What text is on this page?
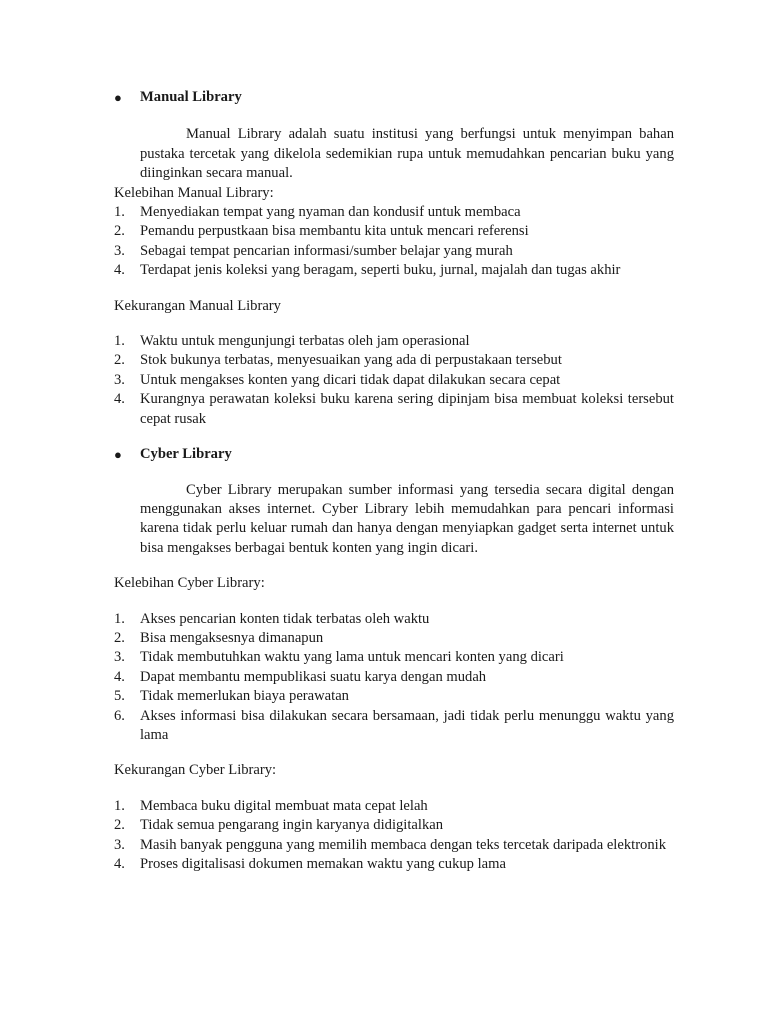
● Manual Library

Manual Library adalah suatu institusi yang berfungsi untuk menyimpan bahan pustaka tercetak yang dikelola sedemikian rupa untuk memudahkan pencarian buku yang diinginkan secara manual.

Kelebihan Manual Library:

1. Menyediakan tempat yang nyaman dan kondusif untuk membaca
2. Pemandu perpustkaan bisa membantu kita untuk mencari referensi
3. Sebagai tempat pencarian informasi/sumber belajar yang murah
4. Terdapat jenis koleksi yang beragam, seperti buku, jurnal, majalah dan tugas akhir

Kekurangan Manual Library

1. Waktu untuk mengunjungi terbatas oleh jam operasional
2. Stok bukunya terbatas, menyesuaikan yang ada di perpustakaan tersebut
3. Untuk mengakses konten yang dicari tidak dapat dilakukan secara cepat
4. Kurangnya perawatan koleksi buku karena sering dipinjam bisa membuat koleksi tersebut cepat rusak

● Cyber Library

Cyber Library merupakan sumber informasi yang tersedia secara digital dengan menggunakan akses internet. Cyber Library lebih memudahkan para pencari informasi karena tidak perlu keluar rumah dan hanya dengan menyiapkan gadget serta internet untuk bisa mengakses berbagai bentuk konten yang ingin dicari.

Kelebihan Cyber Library:

1. Akses pencarian konten tidak terbatas oleh waktu
2. Bisa mengaksesnya dimanapun
3. Tidak membutuhkan waktu yang lama untuk mencari konten yang dicari
4. Dapat membantu mempublikasi suatu karya dengan mudah
5. Tidak memerlukan biaya perawatan
6. Akses informasi bisa dilakukan secara bersamaan, jadi tidak perlu menunggu waktu yang lama

Kekurangan Cyber Library:

1. Membaca buku digital membuat mata cepat lelah
2. Tidak semua pengarang ingin karyanya didigitalkan
3. Masih banyak pengguna yang memilih membaca dengan teks tercetak daripada elektronik
4. Proses digitalisasi dokumen memakan waktu yang cukup lama
